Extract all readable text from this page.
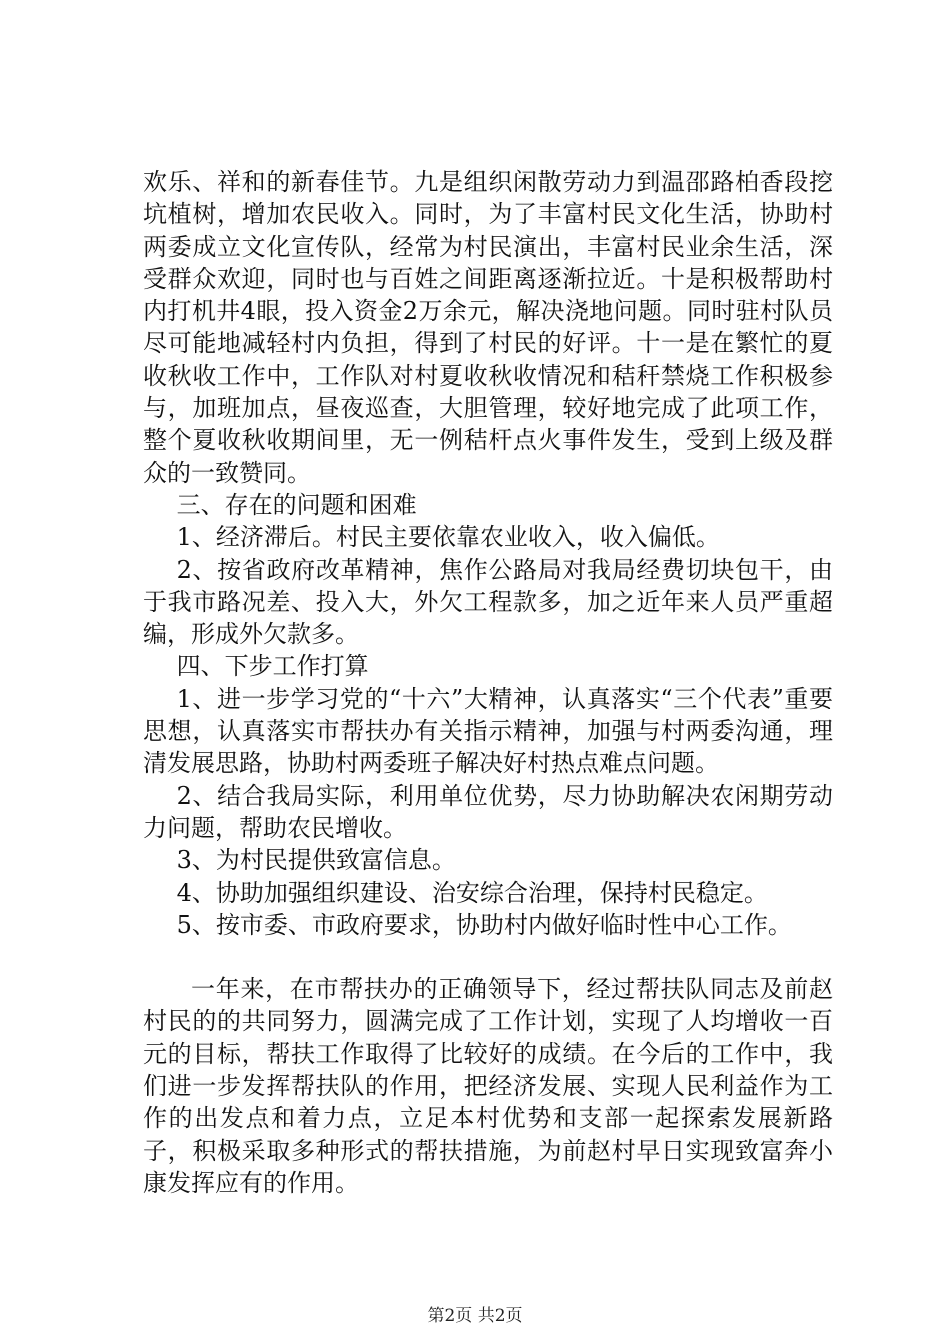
欢乐、祥和的新春佳节。九是组织闲散劳动力到温邵路柏香段挖坑植树，增加农民收入。同时，为了丰富村民文化生活，协助村两委成立文化宣传队，经常为村民演出，丰富村民业余生活，深受群众欢迎，同时也与百姓之间距离逐渐拉近。十是积极帮助村内打机井4眼，投入资金2万余元，解决浇地问题。同时驻村队员尽可能地减轻村内负担，得到了村民的好评。十一是在繁忙的夏收秋收工作中，工作队对村夏收秋收情况和秸秆禁烧工作积极参与，加班加点，昼夜巡查，大胆管理，较好地完成了此项工作，整个夏收秋收期间里，无一例秸杆点火事件发生，受到上级及群众的一致赞同。

三、存在的问题和困难

1、经济滞后。村民主要依靠农业收入，收入偏低。

2、按省政府改革精神，焦作公路局对我局经费切块包干，由于我市路况差、投入大，外欠工程款多，加之近年来人员严重超编，形成外欠款多。

四、下步工作打算

1、进一步学习党的“十六”大精神，认真落实“三个代表”重要思想，认真落实市帮扶办有关指示精神，加强与村两委沟通，理清发展思路，协助村两委班子解决好村热点难点问题。

2、结合我局实际，利用单位优势，尽力协助解决农闲期劳动力问题，帮助农民增收。

3、为村民提供致富信息。

4、协助加强组织建设、治安综合治理，保持村民稳定。

5、按市委、市政府要求，协助村内做好临时性中心工作。

一年来，在市帮扶办的正确领导下，经过帮扶队同志及前赵村民的的共同努力，圆满完成了工作计划，实现了人均增收一百元的目标，帮扶工作取得了比较好的成绩。在今后的工作中，我们进一步发挥帮扶队的作用，把经济发展、实现人民利益作为工作的出发点和着力点，立足本村优势和支部一起探索发展新路子，积极采取多种形式的帮扶措施，为前赵村早日实现致富奔小康发挥应有的作用。

第2页 共2页
